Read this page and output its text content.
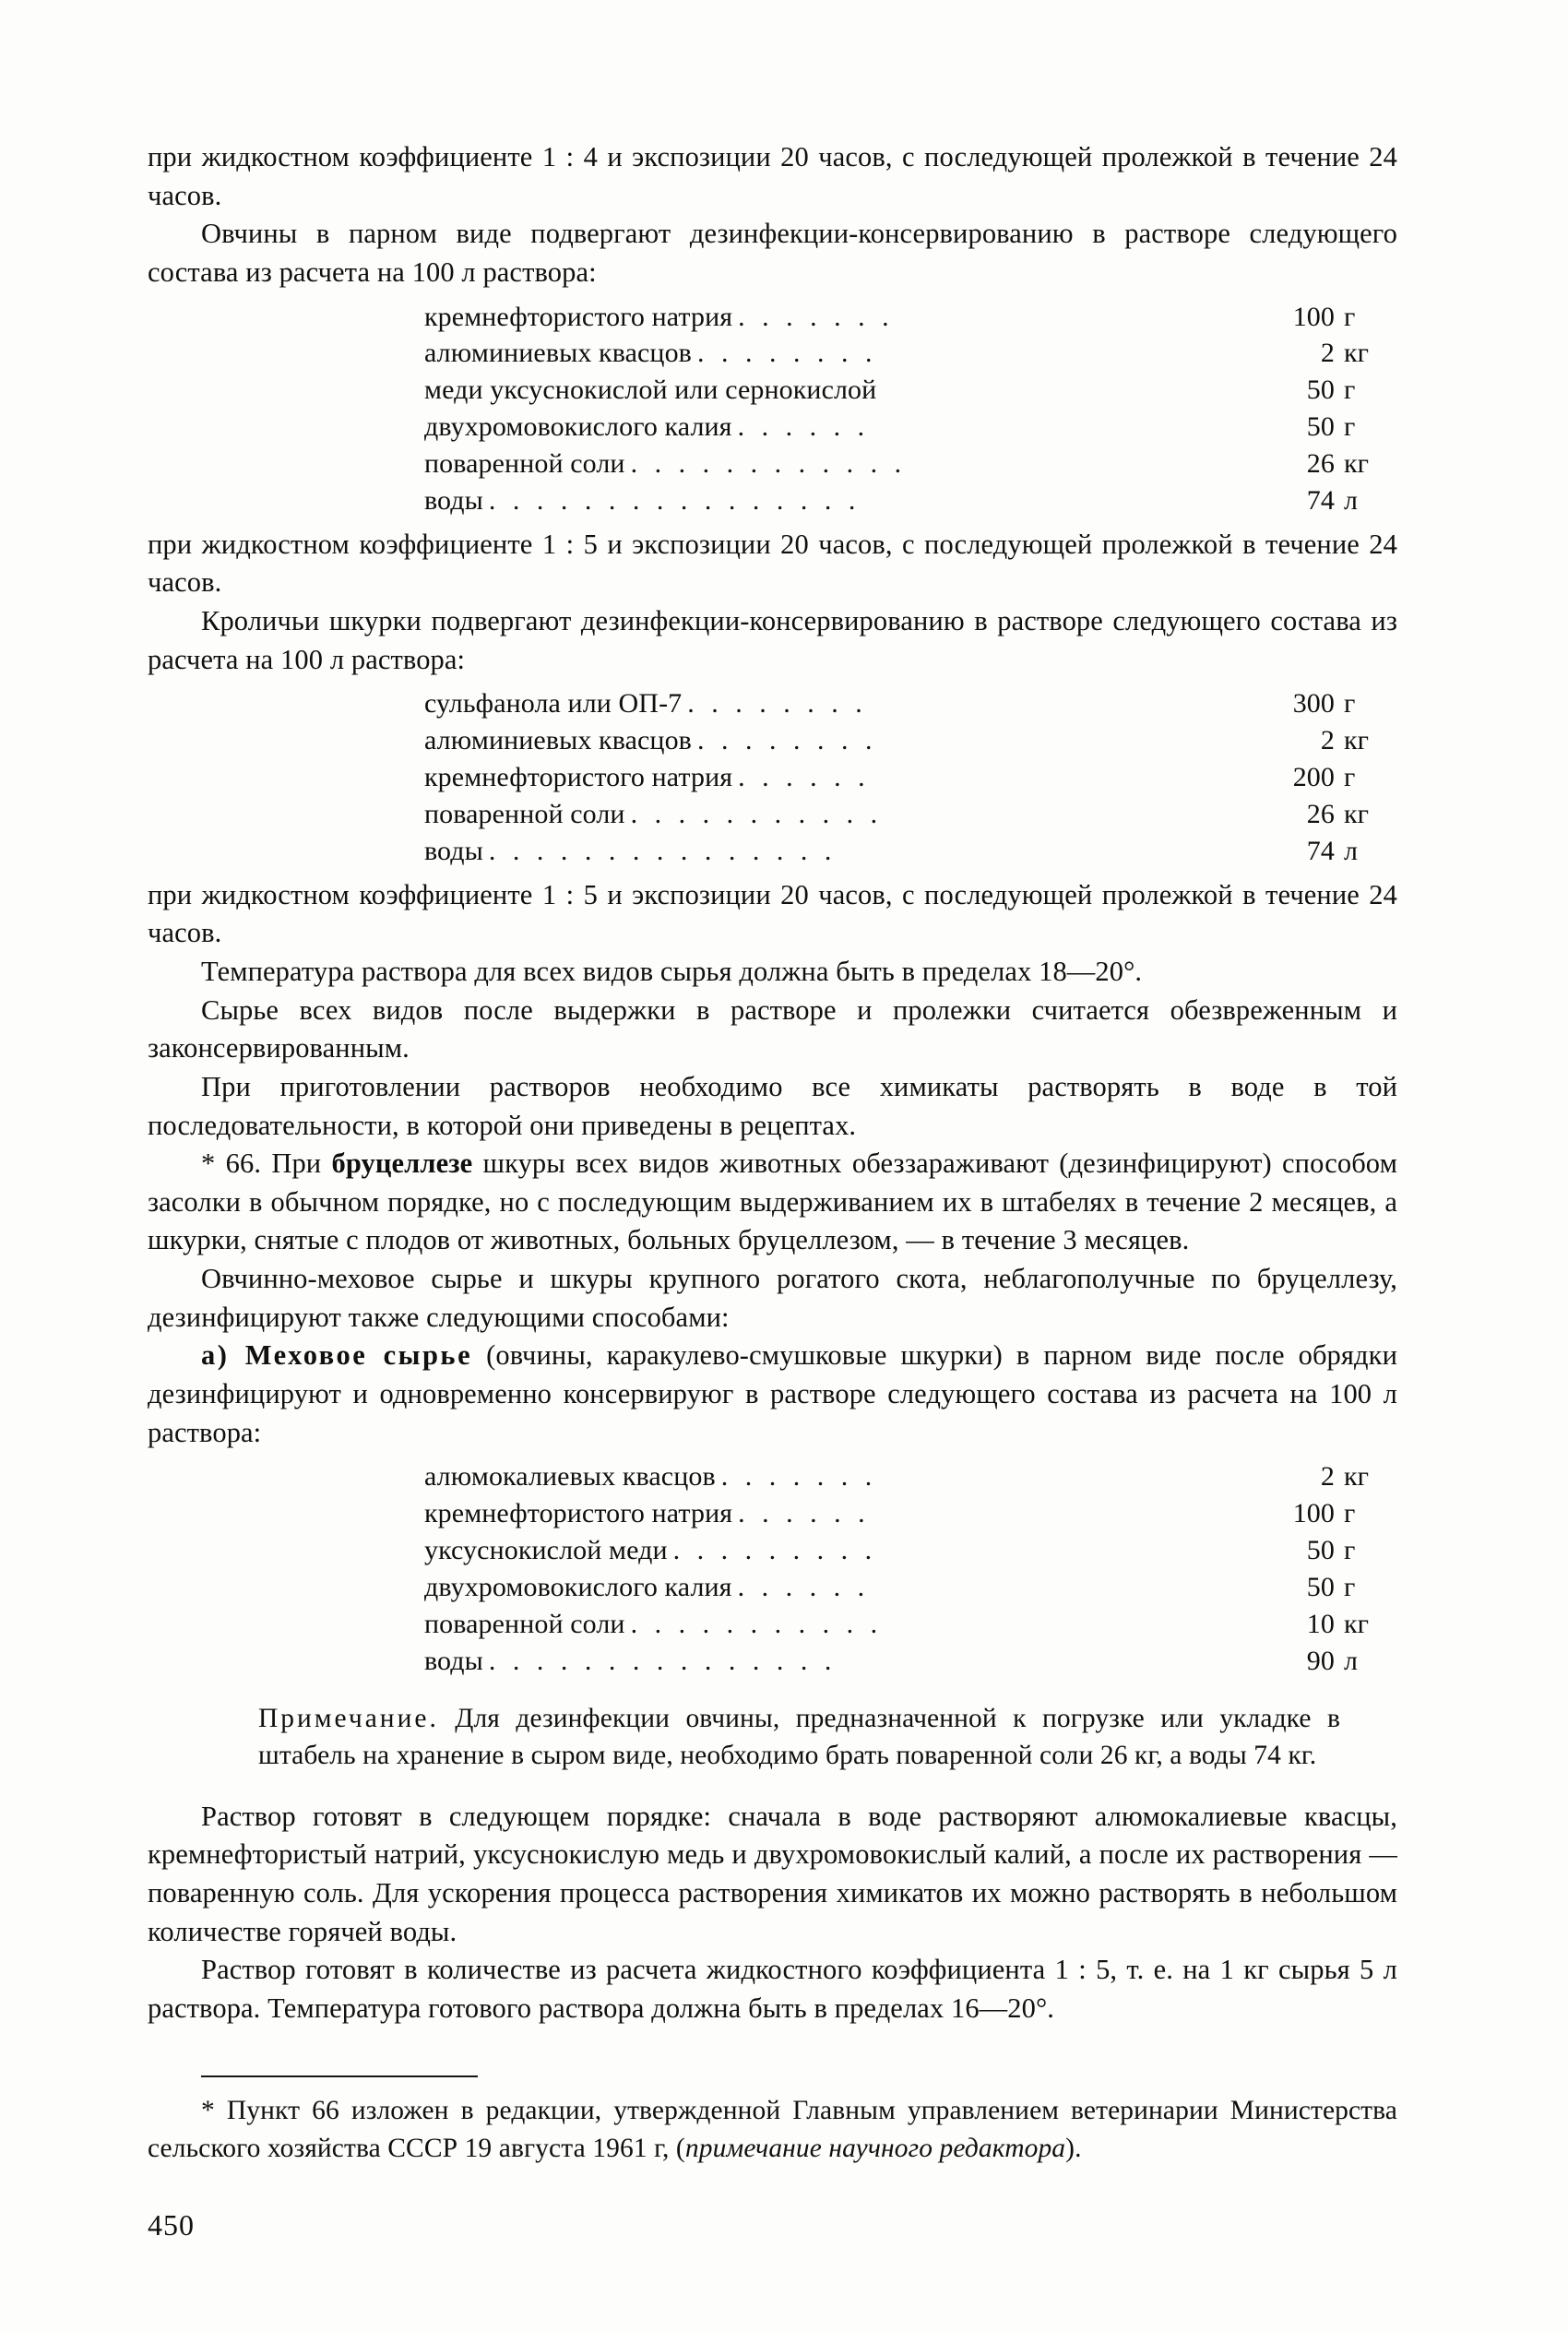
при жидкостном коэффициенте 1 : 4 и экспозиции 20 часов, с последующей пролежкой в течение 24 часов.

Овчины в парном виде подвергают дезинфекции-консервированию в растворе следующего состава из расчета на 100 л раствора:

кремнефтористого натрия . . . . . . .	100 г
алюминиевых квасцов . . . . . . . .	2 кг
меди уксуснокислой или сернокислой	50 г
двухромовокислого калия . . . . . .	50 г
поваренной соли . . . . . . . . . . . .	26 кг
воды . . . . . . . . . . . . . . . .	74 л

при жидкостном коэффициенте 1 : 5 и экспозиции 20 часов, с последующей пролежкой в течение 24 часов.

Кроличьи шкурки подвергают дезинфекции-консервированию в растворе следующего состава из расчета на 100 л раствора:

сульфанола или ОП-7 . . . . . . . .	300 г
алюминиевых квасцов . . . . . . . .	2 кг
кремнефтористого натрия . . . . . .	200 г
поваренной соли . . . . . . . . . . .	26 кг
воды . . . . . . . . . . . . . . .	74 л

при жидкостном коэффициенте 1 : 5 и экспозиции 20 часов, с последующей пролежкой в течение 24 часов.

Температура раствора для всех видов сырья должна быть в пределах 18—20°.

Сырье всех видов после выдержки в растворе и пролежки считается обезвреженным и законсервированным.

При приготовлении растворов необходимо все химикаты растворять в воде в той последовательности, в которой они приведены в рецептах.

* 66. При бруцеллезе шкуры всех видов животных обеззараживают (дезинфицируют) способом засолки в обычном порядке, но с последующим выдерживанием их в штабелях в течение 2 месяцев, а шкурки, снятые с плодов от животных, больных бруцеллезом, — в течение 3 месяцев.

Овчинно-меховое сырье и шкуры крупного рогатого скота, неблагополучные по бруцеллезу, дезинфицируют также следующими способами:

а) Меховое сырье (овчины, каракулево-смушковые шкурки) в парном виде после обрядки дезинфицируют и одновременно консервируюг в растворе следующего состава из расчета на 100 л раствора:

алюмокалиевых квасцов . . . . . . .	2 кг
кремнефтористого натрия . . . . . .	100 г
уксуснокислой меди . . . . . . . . .	50 г
двухромовокислого калия . . . . . .	50 г
поваренной соли . . . . . . . . . . .	10 кг
воды . . . . . . . . . . . . . . .	90 л
Примечание. Для дезинфекции овчины, предназначенной к погрузке или укладке в штабель на хранение в сыром виде, необходимо брать поваренной соли 26 кг, а воды 74 кг.

Раствор готовят в следующем порядке: сначала в воде растворяют алюмокалиевые квасцы, кремнефтористый натрий, уксуснокислую медь и двухромовокислый калий, а после их растворения — поваренную соль. Для ускорения процесса растворения химикатов их можно растворять в небольшом количестве горячей воды.

Раствор готовят в количестве из расчета жидкостного коэффициента 1 : 5, т. е. на 1 кг сырья 5 л раствора. Температура готового раствора должна быть в пределах 16—20°.

* Пункт 66 изложен в редакции, утвержденной Главным управлением ветеринарии Министерства сельского хозяйства СССР 19 августа 1961 г, (примечание научного редактора).
450
